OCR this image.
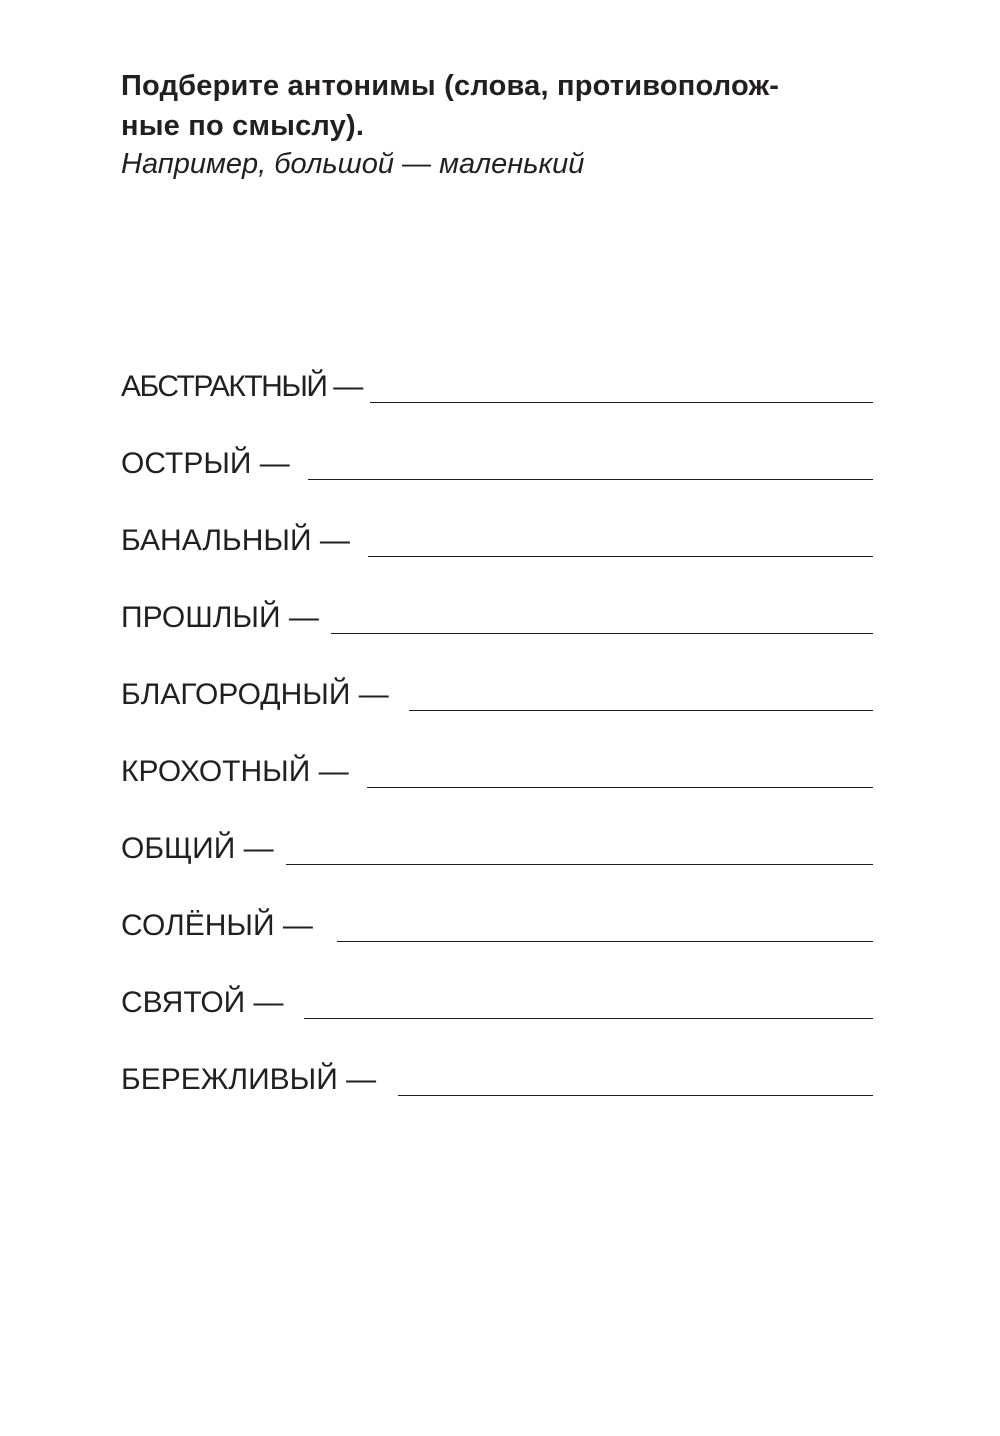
Подберите антонимы (слова, противополож-
ные по смыслу).
Например, большой — маленький
АБСТРАКТНЫЙ —
ОСТРЫЙ —
БАНАЛЬНЫЙ —
ПРОШЛЫЙ —
БЛАГОРОДНЫЙ —
КРОХОТНЫЙ —
ОБЩИЙ —
СОЛЁНЫЙ —
СВЯТОЙ —
БЕРЕЖЛИВЫЙ —
